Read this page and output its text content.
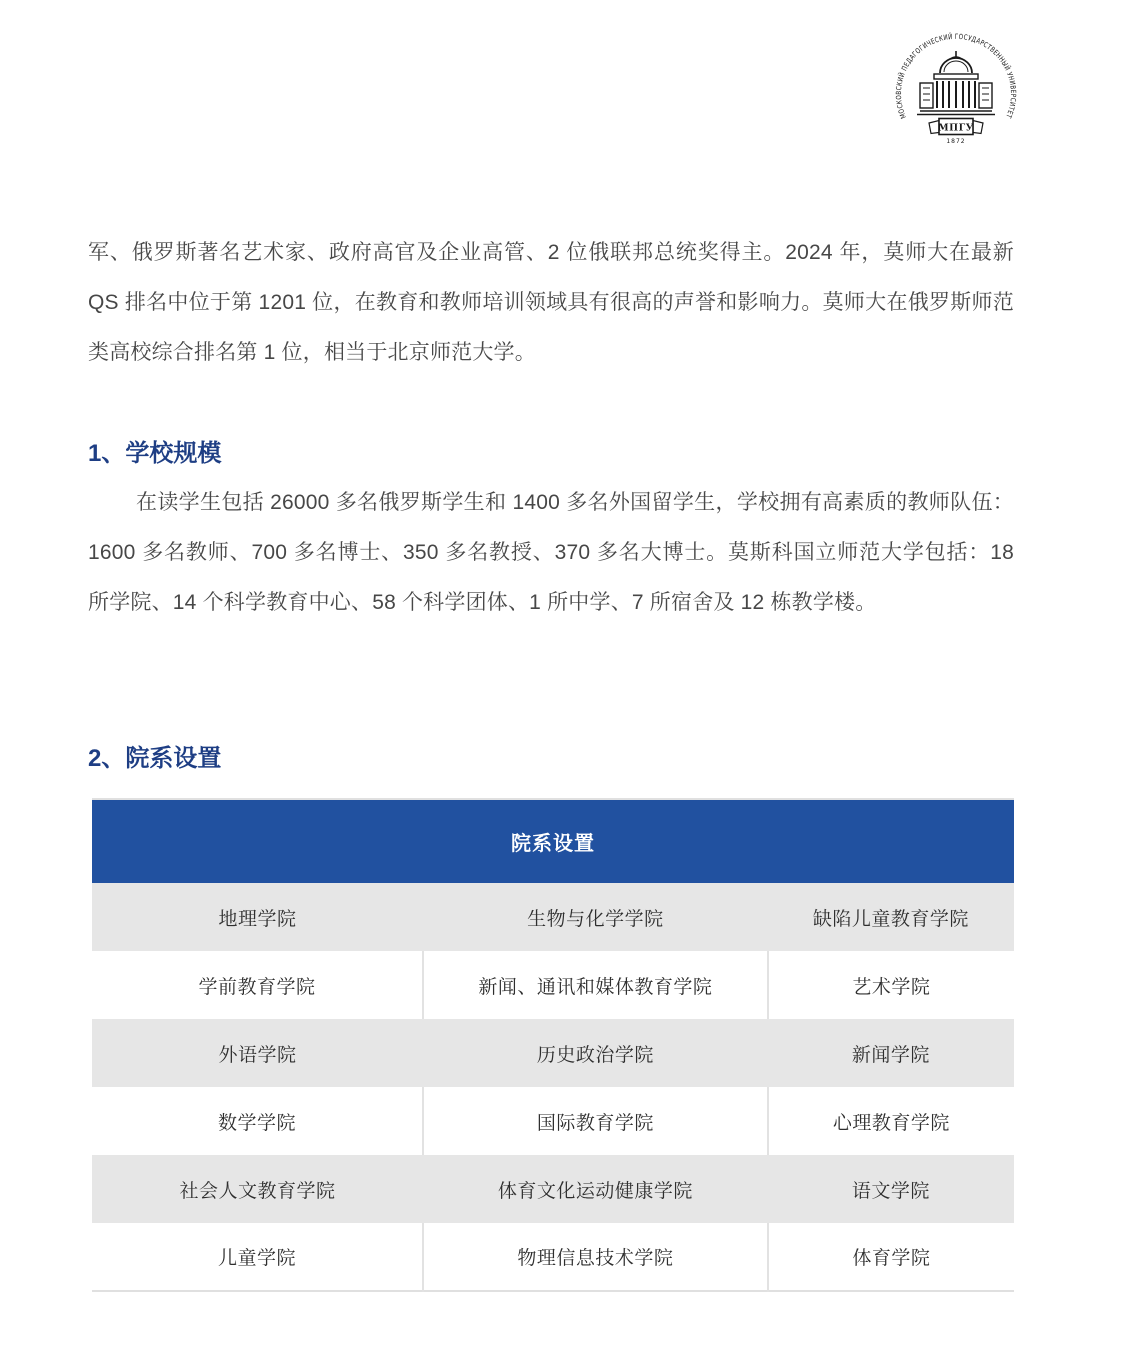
МОСКОВСКИЙ ПЕДАГОГИЧЕСКИЙ ГОСУДАРСТВЕННЫЙ УНИВЕРСИТЕТ
МПГУ
1872

军、俄罗斯著名艺术家、政府高官及企业高管、2 位俄联邦总统奖得主。2024 年，莫师大在最新 QS 排名中位于第 1201 位，在教育和教师培训领域具有很高的声誉和影响力。莫师大在俄罗斯师范类高校综合排名第 1 位，相当于北京师范大学。

1、学校规模

在读学生包括 26000 多名俄罗斯学生和 1400 多名外国留学生，学校拥有高素质的教师队伍：1600 多名教师、700 多名博士、350 多名教授、370 多名大博士。莫斯科国立师范大学包括：18 所学院、14 个科学教育中心、58 个科学团体、1 所中学、7 所宿舍及 12 栋教学楼。

2、院系设置
院系设置		
地理学院	生物与化学学院	缺陷儿童教育学院
学前教育学院	新闻、通讯和媒体教育学院	艺术学院
外语学院	历史政治学院	新闻学院
数学学院	国际教育学院	心理教育学院
社会人文教育学院	体育文化运动健康学院	语文学院
儿童学院	物理信息技术学院	体育学院
